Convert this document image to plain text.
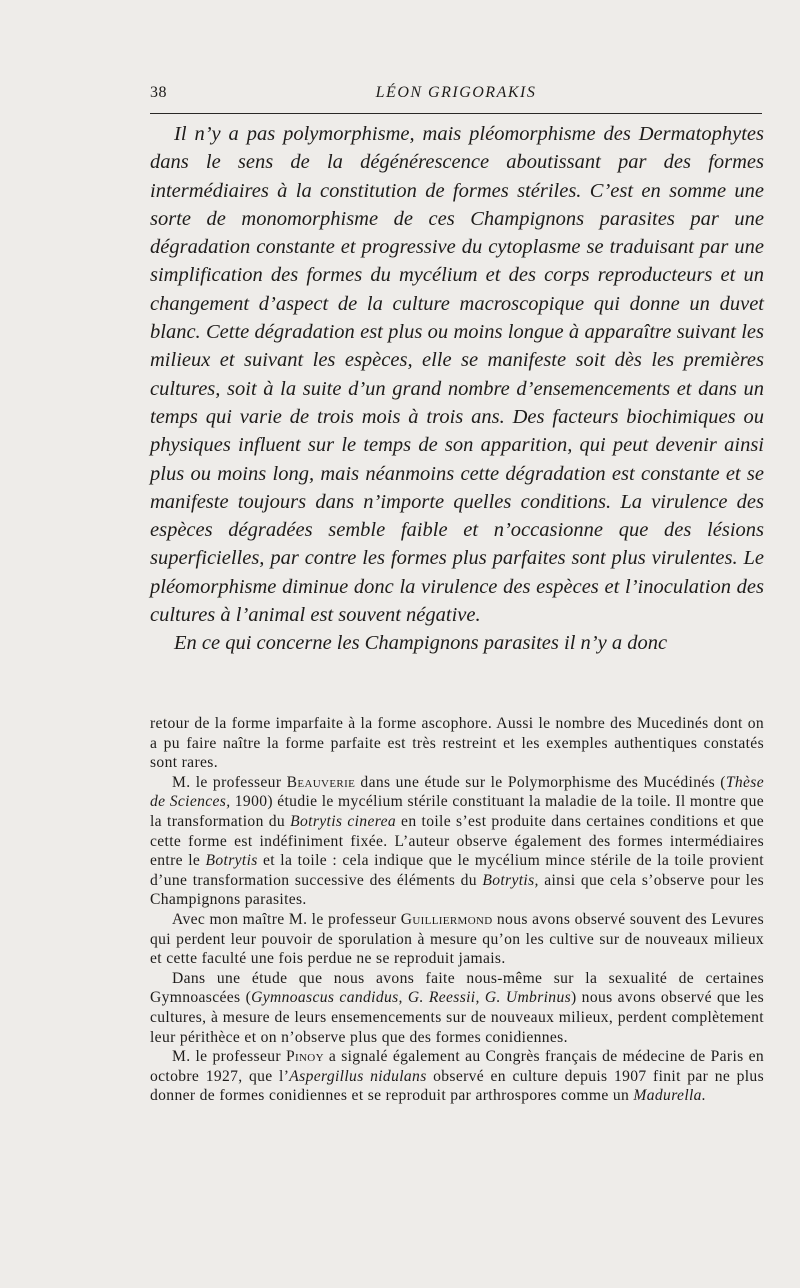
38	LÉON GRIGORAKIS

Il n’y a pas polymorphisme, mais pléomorphisme des Dermatophytes dans le sens de la dégénérescence aboutissant par des formes intermédiaires à la constitution de formes stériles. C’est en somme une sorte de monomorphisme de ces Champignons parasites par une dégradation constante et progressive du cytoplasme se traduisant par une simplification des formes du mycélium et des corps reproducteurs et un changement d’aspect de la culture macroscopique qui donne un duvet blanc. Cette dégradation est plus ou moins longue à apparaître suivant les milieux et suivant les espèces, elle se manifeste soit dès les premières cultures, soit à la suite d’un grand nombre d’ensemencements et dans un temps qui varie de trois mois à trois ans. Des facteurs biochimiques ou physiques influent sur le temps de son apparition, qui peut devenir ainsi plus ou moins long, mais néanmoins cette dégradation est constante et se manifeste toujours dans n’importe quelles conditions. La virulence des espèces dégradées semble faible et n’occasionne que des lésions superficielles, par contre les formes plus parfaites sont plus virulentes. Le pléomorphisme diminue donc la virulence des espèces et l’inoculation des cultures à l’animal est souvent négative.

En ce qui concerne les Champignons parasites il n’y a donc

retour de la forme imparfaite à la forme ascophore. Aussi le nombre des Mucedinés dont on a pu faire naître la forme parfaite est très restreint et les exemples authentiques constatés sont rares.

M. le professeur Beauverie dans une étude sur le Polymorphisme des Mucédinés (Thèse de Sciences, 1900) étudie le mycélium stérile constituant la maladie de la toile. Il montre que la transformation du Botrytis cinerea en toile s’est produite dans certaines conditions et que cette forme est indéfiniment fixée. L’auteur observe également des formes intermédiaires entre le Botrytis et la toile : cela indique que le mycélium mince stérile de la toile provient d’une transformation successive des éléments du Botrytis, ainsi que cela s’observe pour les Champignons parasites.

Avec mon maître M. le professeur Guilliermond nous avons observé souvent des Levures qui perdent leur pouvoir de sporulation à mesure qu’on les cultive sur de nouveaux milieux et cette faculté une fois perdue ne se reproduit jamais.

Dans une étude que nous avons faite nous-même sur la sexualité de certaines Gymnoascées (Gymnoascus candidus, G. Reessii, G. Umbrinus) nous avons observé que les cultures, à mesure de leurs ensemencements sur de nouveaux milieux, perdent complètement leur périthèce et on n’observe plus que des formes conidiennes.

M. le professeur Pinoy a signalé également au Congrès français de médecine de Paris en octobre 1927, que l’Aspergillus nidulans observé en culture depuis 1907 finit par ne plus donner de formes conidiennes et se reproduit par arthrospores comme un Madurella.
